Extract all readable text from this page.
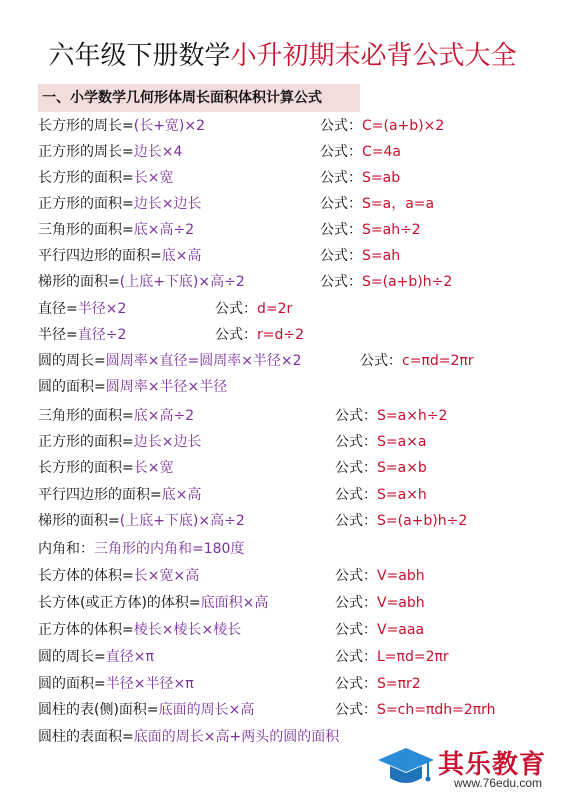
六年级下册数学小升初期末必背公式大全
一、小学数学几何形体周长面积体积计算公式
长方形的周长=(长+宽)×2	公式：C=(a+b)×2
正方形的周长=边长×4	公式：C=4a
长方形的面积=长×宽	公式：S=ab
正方形的面积=边长×边长	公式：S=a，a=a
三角形的面积=底×高÷2	公式：S=ah÷2
平行四边形的面积=底×高	公式：S=ah
梯形的面积=(上底+下底)×高÷2	公式：S=(a+b)h÷2
直径=半径×2	公式：d=2r
半径=直径÷2	公式：r=d÷2
圆的周长=圆周率×直径=圆周率×半径×2	公式：c=πd=2πr
圆的面积=圆周率×半径×半径
三角形的面积=底×高÷2	公式：S=a×h÷2
正方形的面积=边长×边长	公式：S=a×a
长方形的面积=长×宽	公式：S=a×b
平行四边形的面积=底×高	公式：S=a×h
梯形的面积=(上底+下底)×高÷2	公式：S=(a+b)h÷2
内角和：三角形的内角和=180度
长方体的体积=长×宽×高	公式：V=abh
长方体(或正方体)的体积=底面积×高	公式：V=abh
正方体的体积=棱长×棱长×棱长	公式：V=aaa
圆的周长=直径×π	公式：L=πd=2πr
圆的面积=半径×半径×π	公式：S=πr2
圆柱的表(侧)面积=底面的周长×高	公式：S=ch=πdh=2πrh
圆柱的表面积=底面的周长×高+两头的圆的面积
其乐教育
www.76edu.com
